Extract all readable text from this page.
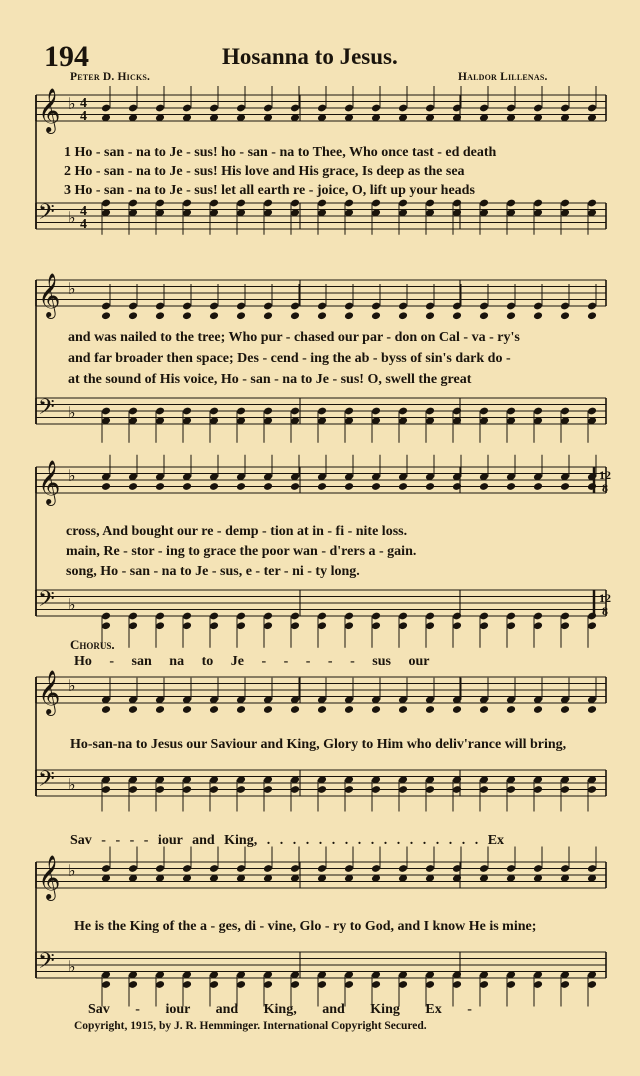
194	Hosanna to Jesus.
Peter D. Hicks.	Haldor Lillenas.
𝄞 ♭
𝄢 ♭
𝄞 ♭
𝄢 ♭
𝄞 ♭
𝄢 ♭
𝄞 ♭
𝄢 ♭
𝄞 ♭
𝄢 ♭
4
4
4
4
12
8
12
8
1 Ho - san - na to Je - sus! ho - san - na to Thee, Who once tast - ed death
2 Ho - san - na to Je - sus! His love and His grace, Is deep as the sea
3 Ho - san - na to Je - sus! let all earth re - joice, O, lift up your heads
and was nailed to the tree; Who pur - chased our par - don on Cal - va - ry's
and far broader then space; Des - cend - ing the ab - byss of sin's dark do -
at the sound of His voice, Ho - san - na to Je - sus! O, swell the great
cross, And bought our re - demp - tion at in - fi - nite loss.
main, Re - stor - ing to grace the poor wan - d'rers a - gain.
song, Ho - san - na to Je - sus, e - ter - ni - ty long.
Chorus.
Ho - san na to Je - - - - - sus our
Ho-san-na to Jesus our Saviour and King, Glory to Him who deliv'rance will bring,
Sav - - - - iour and King, . . . . . . . . . . . . . . . . . Ex
He is the King of the a - ges, di - vine, Glo - ry to God, and I know He is mine;
Sav - iour and King, and King Ex -
Copyright, 1915, by J. R. Hemminger. International Copyright Secured.
